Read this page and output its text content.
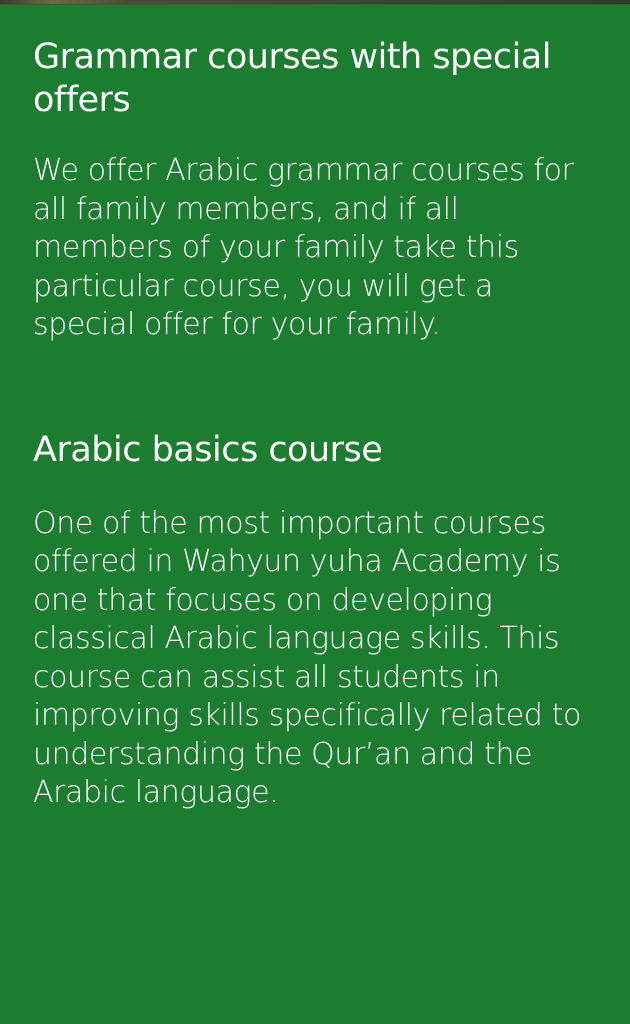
Grammar courses with special offers

We offer Arabic grammar courses for all family members, and if all members of your family take this particular course, you will get a special offer for your family.

Arabic basics course

One of the most important courses offered in Wahyun yuha Academy is one that focuses on developing classical Arabic language skills. This course can assist all students in improving skills specifically related to understanding the Qur’an and the Arabic language.
